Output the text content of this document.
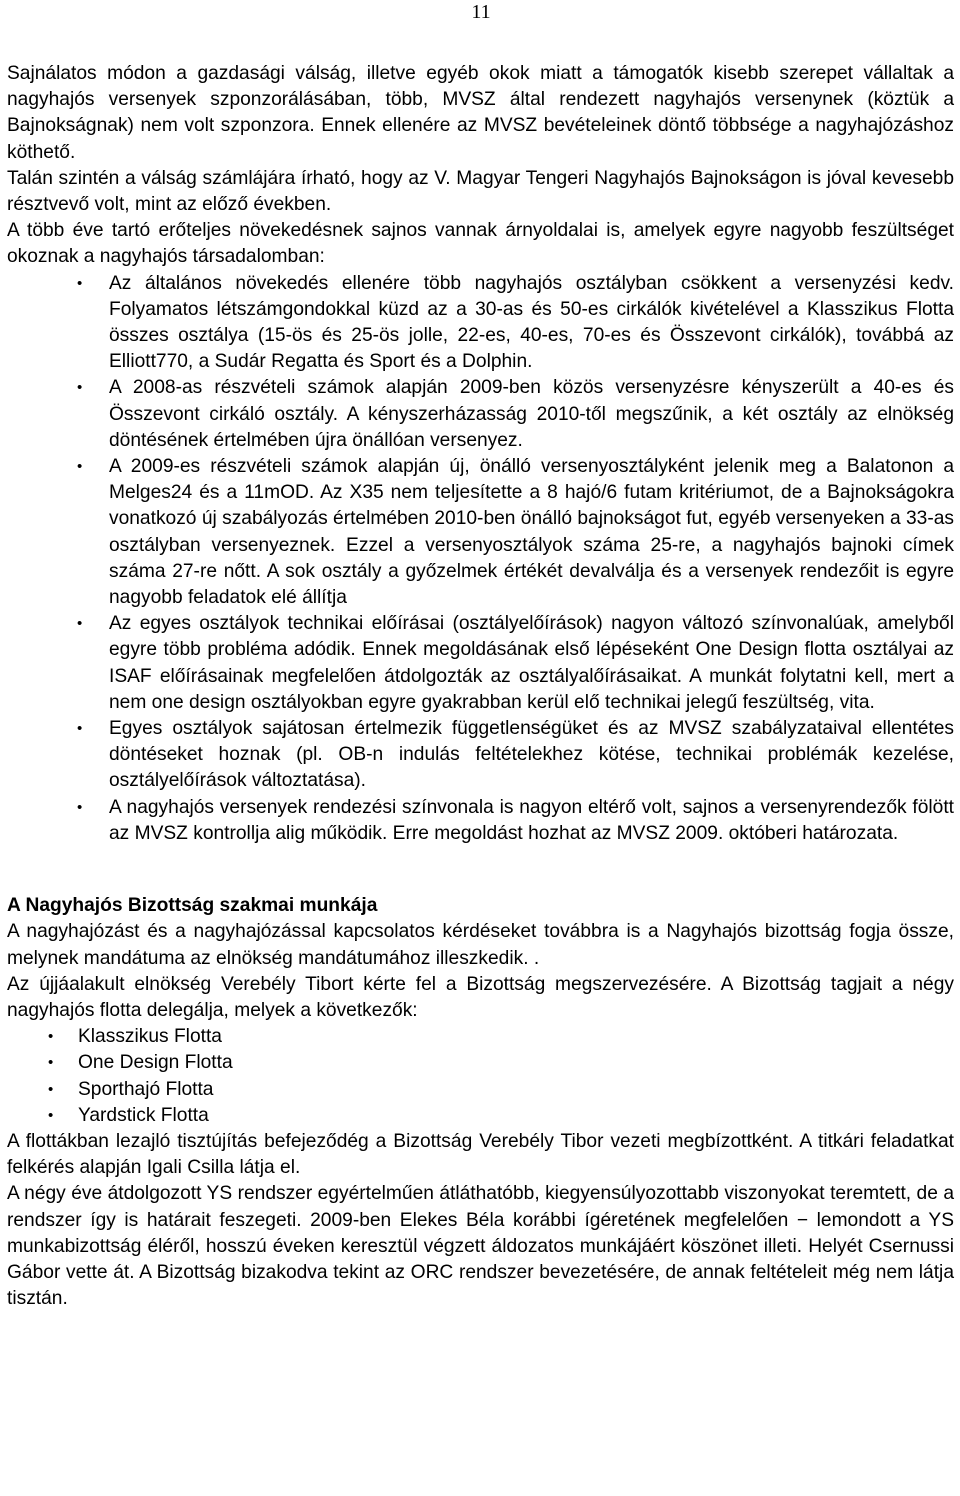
11

Sajnálatos módon a gazdasági válság, illetve egyéb okok miatt a támogatók kisebb szerepet vállaltak a nagyhajós versenyek szponzorálásában, több, MVSZ által rendezett nagyhajós versenynek (köztük a Bajnokságnak) nem volt szponzora. Ennek ellenére az MVSZ bevételeinek döntő többsége a nagyhajózáshoz köthető.

Talán szintén a válság számlájára írható, hogy az V. Magyar Tengeri Nagyhajós Bajnokságon is jóval kevesebb résztvevő volt, mint az előző években.

A több éve tartó erőteljes növekedésnek sajnos vannak árnyoldalai is, amelyek egyre nagyobb feszültséget okoznak a nagyhajós társadalomban:

• Az általános növekedés ellenére több nagyhajós osztályban csökkent a versenyzési kedv. Folyamatos létszámgondokkal küzd az a 30-as és 50-es cirkálók kivételével a Klasszikus Flotta összes osztálya (15-ös és 25-ös jolle, 22-es, 40-es, 70-es és Összevont cirkálók), továbbá az Elliott770, a Sudár Regatta és Sport és a Dolphin.
• A 2008-as részvételi számok alapján 2009-ben közös versenyzésre kényszerült a 40-es és Összevont cirkáló osztály. A kényszerházasság 2010-től megszűnik, a két osztály az elnökség döntésének értelmében újra önállóan versenyez.
• A 2009-es részvételi számok alapján új, önálló versenyosztályként jelenik meg a Balatonon a Melges24 és a 11mOD. Az X35 nem teljesítette a 8 hajó/6 futam kritériumot, de a Bajnokságokra vonatkozó új szabályozás értelmében 2010-ben önálló bajnokságot fut, egyéb versenyeken a 33-as osztályban versenyeznek. Ezzel a versenyosztályok száma 25-re, a nagyhajós bajnoki címek száma 27-re nőtt. A sok osztály a győzelmek értékét devalválja és a versenyek rendezőit is egyre nagyobb feladatok elé állítja
• Az egyes osztályok technikai előírásai (osztályelőírások) nagyon változó színvonalúak, amelyből egyre több probléma adódik. Ennek megoldásának első lépéseként One Design flotta osztályai az ISAF előírásainak megfelelően átdolgozták az osztályalőírásaikat. A munkát folytatni kell, mert a nem one design osztályokban egyre gyakrabban kerül elő technikai jelegű feszültség, vita.
• Egyes osztályok sajátosan értelmezik függetlenségüket és az MVSZ szabályzataival ellentétes döntéseket hoznak (pl. OB-n indulás feltételekhez kötése, technikai problémák kezelése, osztályelőírások változtatása).
• A nagyhajós versenyek rendezési színvonala is nagyon eltérő volt, sajnos a versenyrendezők fölött az MVSZ kontrollja alig működik. Erre megoldást hozhat az MVSZ 2009. októberi határozata.

A Nagyhajós Bizottság szakmai munkája

A nagyhajózást és a nagyhajózással kapcsolatos kérdéseket továbbra is a Nagyhajós bizottság fogja össze, melynek mandátuma az elnökség mandátumához illeszkedik. .

Az újjáalakult elnökség Verebély Tibort kérte fel a Bizottság megszervezésére. A Bizottság tagjait a négy nagyhajós flotta delegálja, melyek a következők:

• Klasszikus Flotta
• One Design Flotta
• Sporthajó Flotta
• Yardstick Flotta

A flottákban lezajló tisztújítás befejeződég a Bizottság Verebély Tibor vezeti megbízottként. A titkári feladatkat felkérés alapján Igali Csilla látja el.

A négy éve átdolgozott YS rendszer egyértelműen átláthatóbb, kiegyensúlyozottabb viszonyokat teremtett, de a rendszer így is határait feszegeti. 2009-ben Elekes Béla korábbi ígéretének megfelelően − lemondott a YS munkabizottság éléről, hosszú éveken keresztül végzett áldozatos munkájáért köszönet illeti. Helyét Csernussi Gábor vette át. A Bizottság bizakodva tekint az ORC rendszer bevezetésére, de annak feltételeit még nem látja tisztán.
